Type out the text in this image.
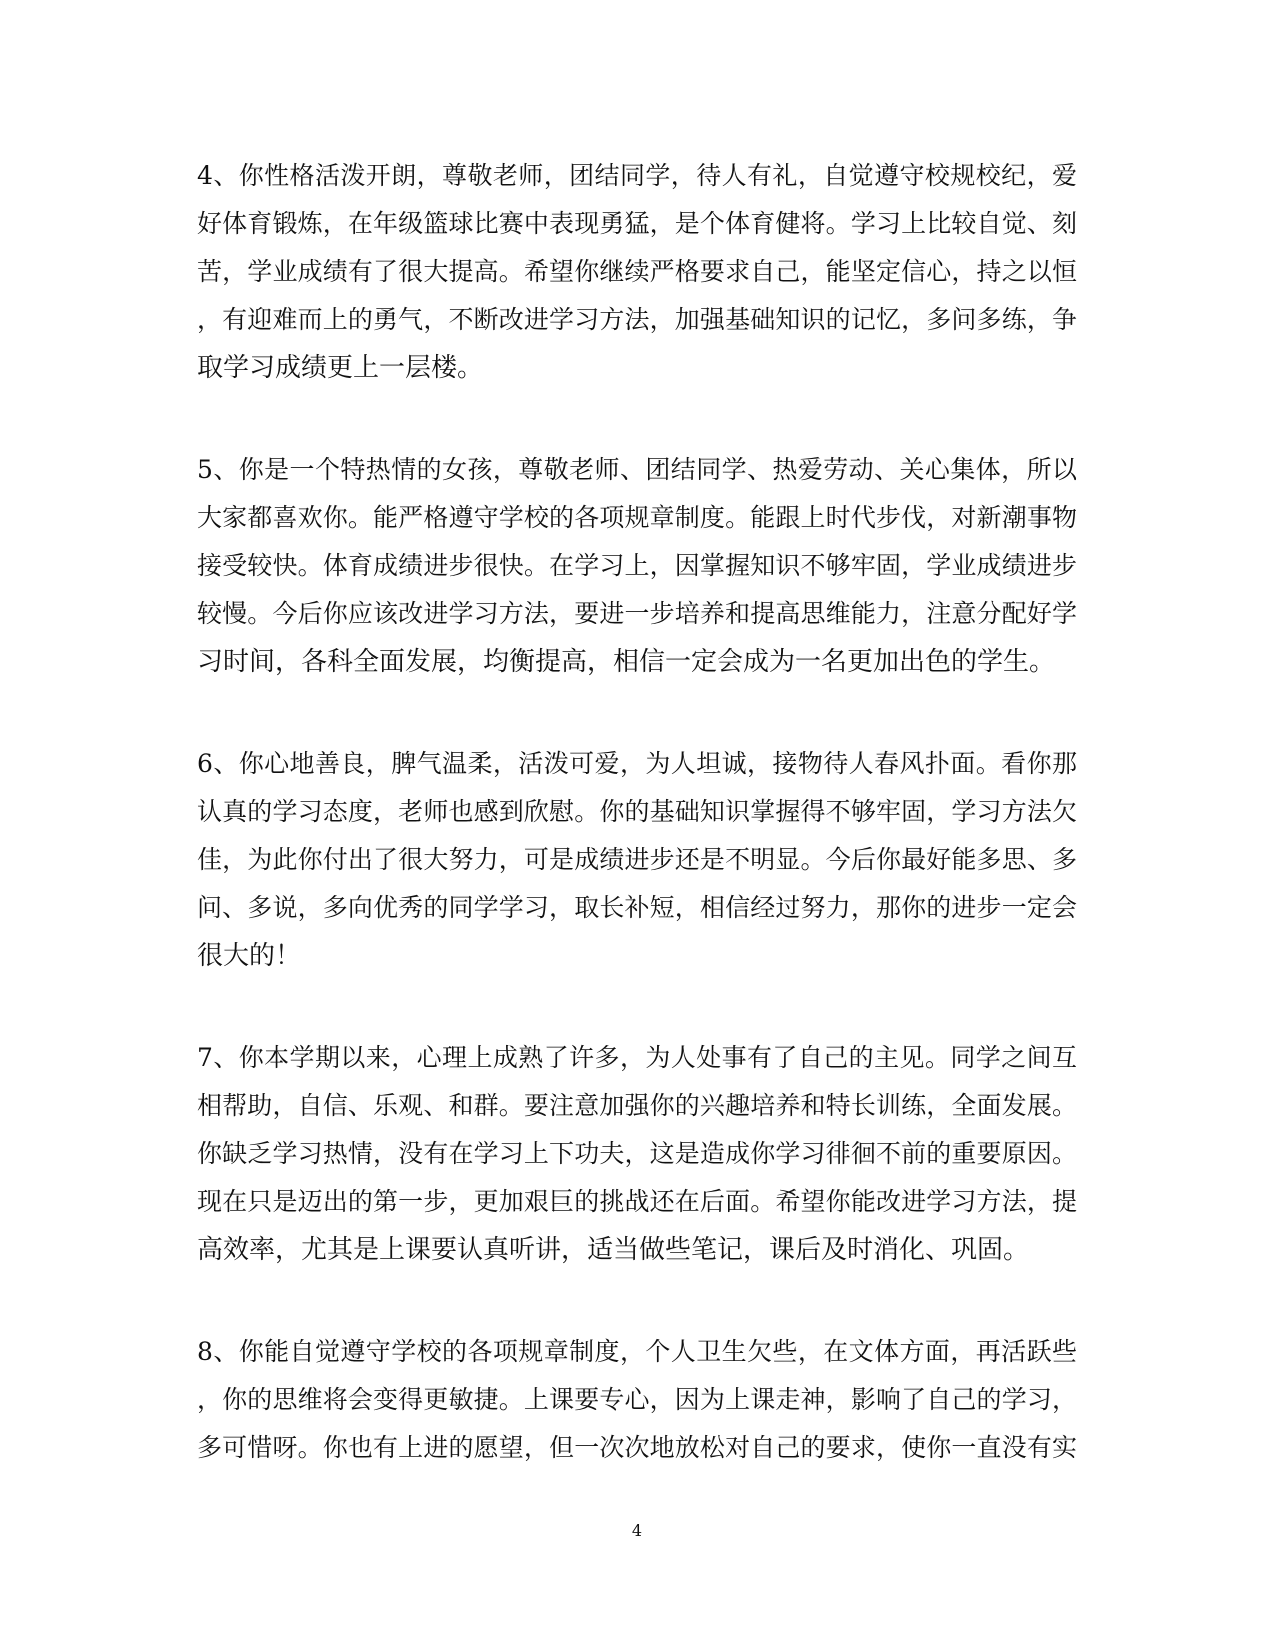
4、你性格活泼开朗，尊敬老师，团结同学，待人有礼，自觉遵守校规校纪，爱
好体育锻炼，在年级篮球比赛中表现勇猛，是个体育健将。学习上比较自觉、刻
苦，学业成绩有了很大提高。希望你继续严格要求自己，能坚定信心，持之以恒
，有迎难而上的勇气，不断改进学习方法，加强基础知识的记忆，多问多练，争
取学习成绩更上一层楼。
5、你是一个特热情的女孩，尊敬老师、团结同学、热爱劳动、关心集体，所以
大家都喜欢你。能严格遵守学校的各项规章制度。能跟上时代步伐，对新潮事物
接受较快。体育成绩进步很快。在学习上，因掌握知识不够牢固，学业成绩进步
较慢。今后你应该改进学习方法，要进一步培养和提高思维能力，注意分配好学
习时间，各科全面发展，均衡提高，相信一定会成为一名更加出色的学生。
6、你心地善良，脾气温柔，活泼可爱，为人坦诚，接物待人春风扑面。看你那
认真的学习态度，老师也感到欣慰。你的基础知识掌握得不够牢固，学习方法欠
佳，为此你付出了很大努力，可是成绩进步还是不明显。今后你最好能多思、多
问、多说，多向优秀的同学学习，取长补短，相信经过努力，那你的进步一定会
很大的！
7、你本学期以来，心理上成熟了许多，为人处事有了自己的主见。同学之间互
相帮助，自信、乐观、和群。要注意加强你的兴趣培养和特长训练，全面发展。
你缺乏学习热情，没有在学习上下功夫，这是造成你学习徘徊不前的重要原因。
现在只是迈出的第一步，更加艰巨的挑战还在后面。希望你能改进学习方法，提
高效率，尤其是上课要认真听讲，适当做些笔记，课后及时消化、巩固。
8、你能自觉遵守学校的各项规章制度，个人卫生欠些，在文体方面，再活跃些
，你的思维将会变得更敏捷。上课要专心，因为上课走神，影响了自己的学习，
多可惜呀。你也有上进的愿望，但一次次地放松对自己的要求，使你一直没有实
4
